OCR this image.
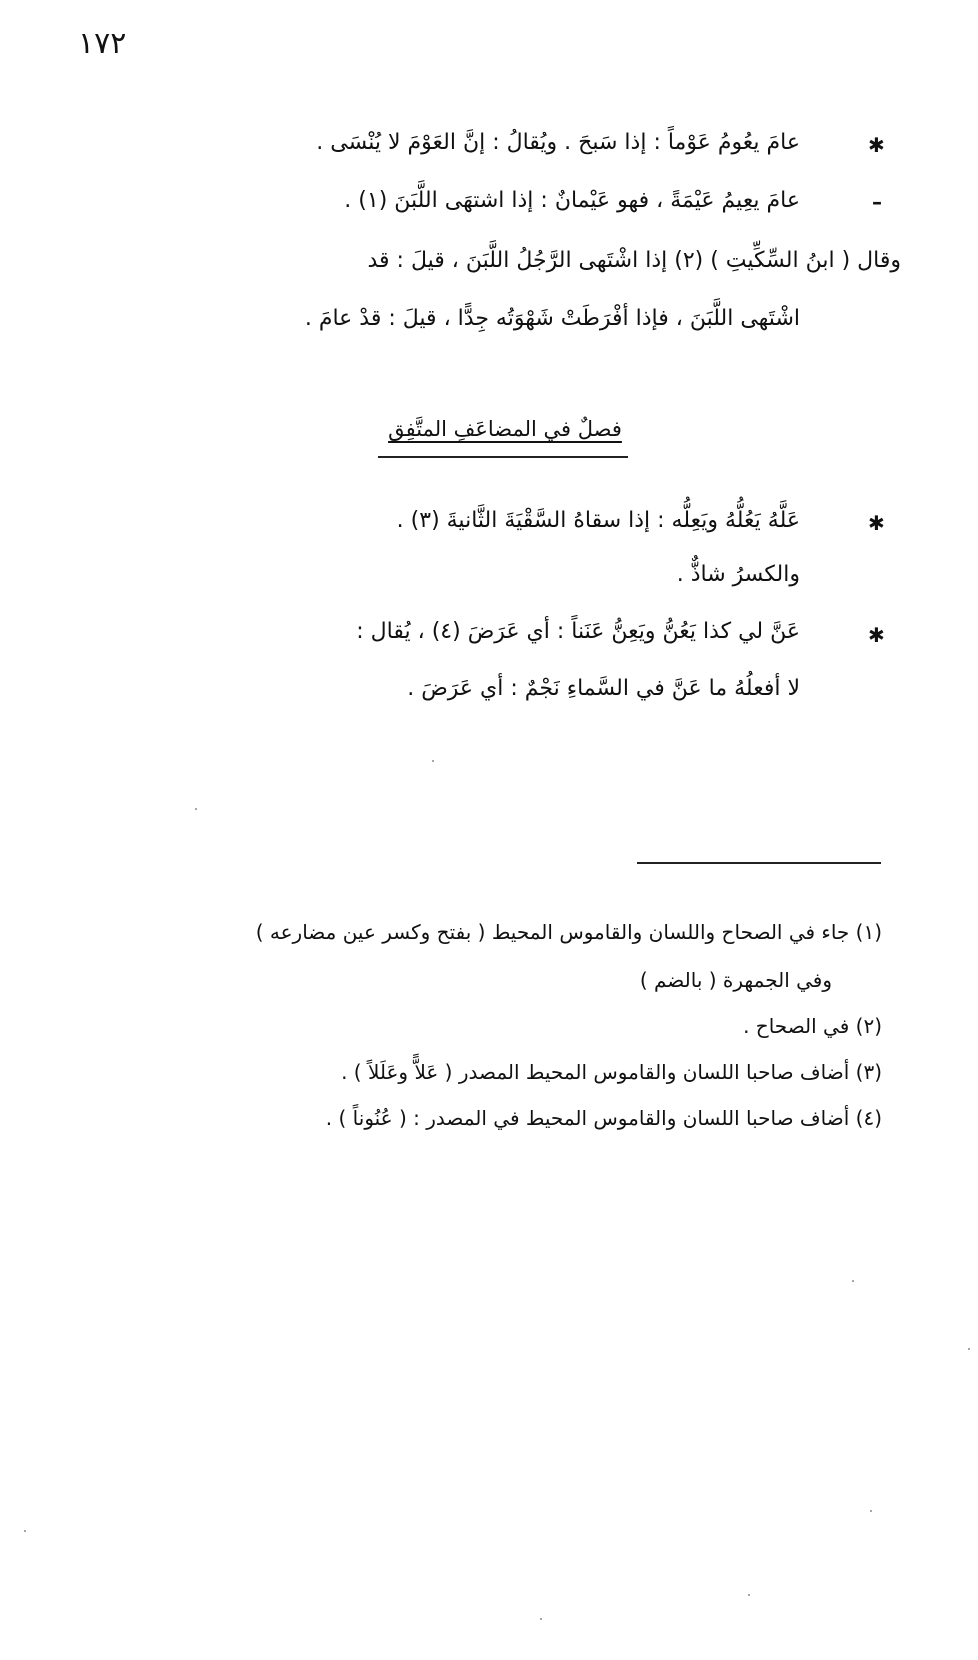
١٧٢
✱
عامَ يعُومُ عَوْماً : إذا سَبحَ . ويُقالُ : إنَّ العَوْمَ لا يُنْسَى .
–
عامَ يعِيمُ عَيْمَةً ، فهو عَيْمانٌ : إذا اشتهَى اللَّبَنَ (١) .
وقال ( ابنُ السِّكِّيتِ ) (٢) إذا اشْتَهى الرَّجُلُ اللَّبَنَ ، قيلَ : قد
اشْتَهى اللَّبَنَ ، فإذا أفْرَطَتْ شَهْوَتُه جِدًّا ، قيلَ : قدْ عامَ .
فصلٌ في المضاعَفِ المتَّفِق
✱
عَلَّهُ يَعُلُّهُ ويَعِلُّه : إذا سقاهُ السَّقْيَةَ الثَّانيةَ (٣) .
والكسرُ شاذٌّ .
✱
عَنَّ لي كذا يَعُنُّ ويَعِنُّ عَنَناً : أي عَرَضَ (٤) ، يُقال :
لا أفعلُهُ ما عَنَّ في السَّماءِ نَجْمٌ : أي عَرَضَ .
(١) جاء في الصحاح واللسان والقاموس المحيط ( بفتح وكسر عين مضارعه )
وفي الجمهرة ( بالضم )
(٢) في الصحاح .
(٣) أضاف صاحبا اللسان والقاموس المحيط المصدر ( عَلاًّ وعَلَلاً ) .
(٤) أضاف صاحبا اللسان والقاموس المحيط في المصدر : ( عُنُوناً ) .
